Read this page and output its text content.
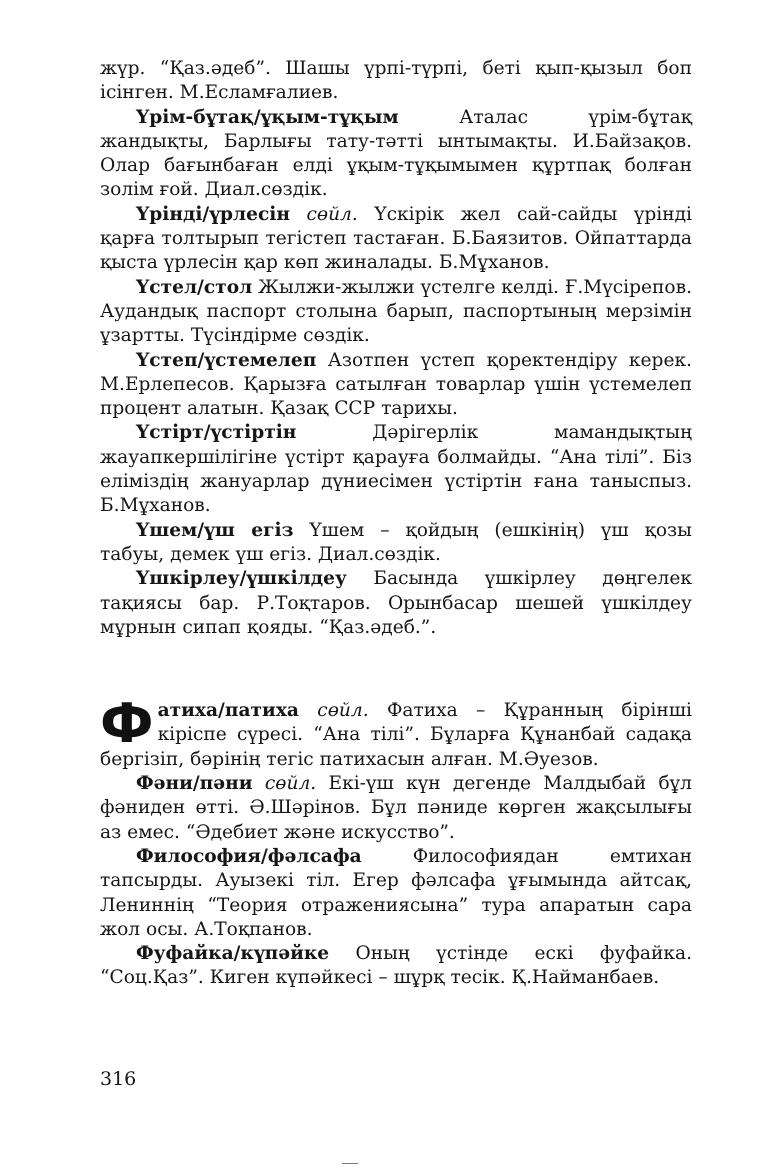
жүр. “Қаз.әдеб”. Шашы үрпі-түрпі, беті қып-қызыл боп ісінген. М.Есламғалиев.

Үрім-бұтақ/ұқым-тұқым Аталас үрім-бұтақ жандықты, Барлығы тату-тәтті ынтымақты. И.Байзақов. Олар бағынбаған елді ұқым-тұқымымен құртпақ болған золім ғой. Диал.сөздік.

Үрінді/үрлесін сөйл. Үскірік жел сай-сайды үрінді қарға толтырып тегістеп тастаған. Б.Баязитов. Ойпаттарда қыста үрлесін қар көп жиналады. Б.Мұханов.

Үстел/стол Жылжи-жылжи үстелге келді. Ғ.Мүсірепов. Аудандық паспорт столына барып, паспортының мерзімін ұзартты. Түсіндірме сөздік.

Үстеп/үстемелеп Азотпен үстеп қоректендіру керек. М.Ерлепесов. Қарызға сатылған товарлар үшін үстемелеп процент алатын. Қазақ ССР тарихы.

Үстірт/үстіртін Дәрігерлік мамандықтың жауапкершілігіне үстірт қарауға болмайды. “Ана тілі”. Біз еліміздің жануарлар дүниесімен үстіртін ғана таныспыз. Б.Мұханов.

Үшем/үш егіз Үшем – қойдың (ешкінің) үш қозы табуы, демек үш егіз. Диал.сөздік.

Үшкірлеу/үшкілдеу Басында үшкірлеу дөңгелек тақиясы бар. Р.Тоқтаров. Орынбасар шешей үшкілдеу мұрнын сипап қояды. “Қаз.әдеб.”.

Фатиха/патиха сөйл. Фатиха – Құранның бірінші кіріспе сүресі. “Ана тілі”. Бұларға Құнанбай садақа бергізіп, бәрінің тегіс патихасын алған. М.Әуезов.

Фәни/пәни сөйл. Екі-үш күн дегенде Малдыбай бұл фәниден өтті. Ә.Шәрінов. Бұл пәниде көрген жақсылығы аз емес. “Әдебиет және искусство”.

Философия/фәлсафа Философиядан емтихан тапсырды. Ауызекі тіл. Егер фәлсафа ұғымында айтсақ, Лениннің “Теория отражениясына” тура апаратын сара жол осы. А.Тоқпанов.

Фуфайка/күпәйке Оның үстінде ескі фуфайка. “Соц.Қаз”. Киген күпәйкесі – шұрқ тесік. Қ.Найманбаев.

316
